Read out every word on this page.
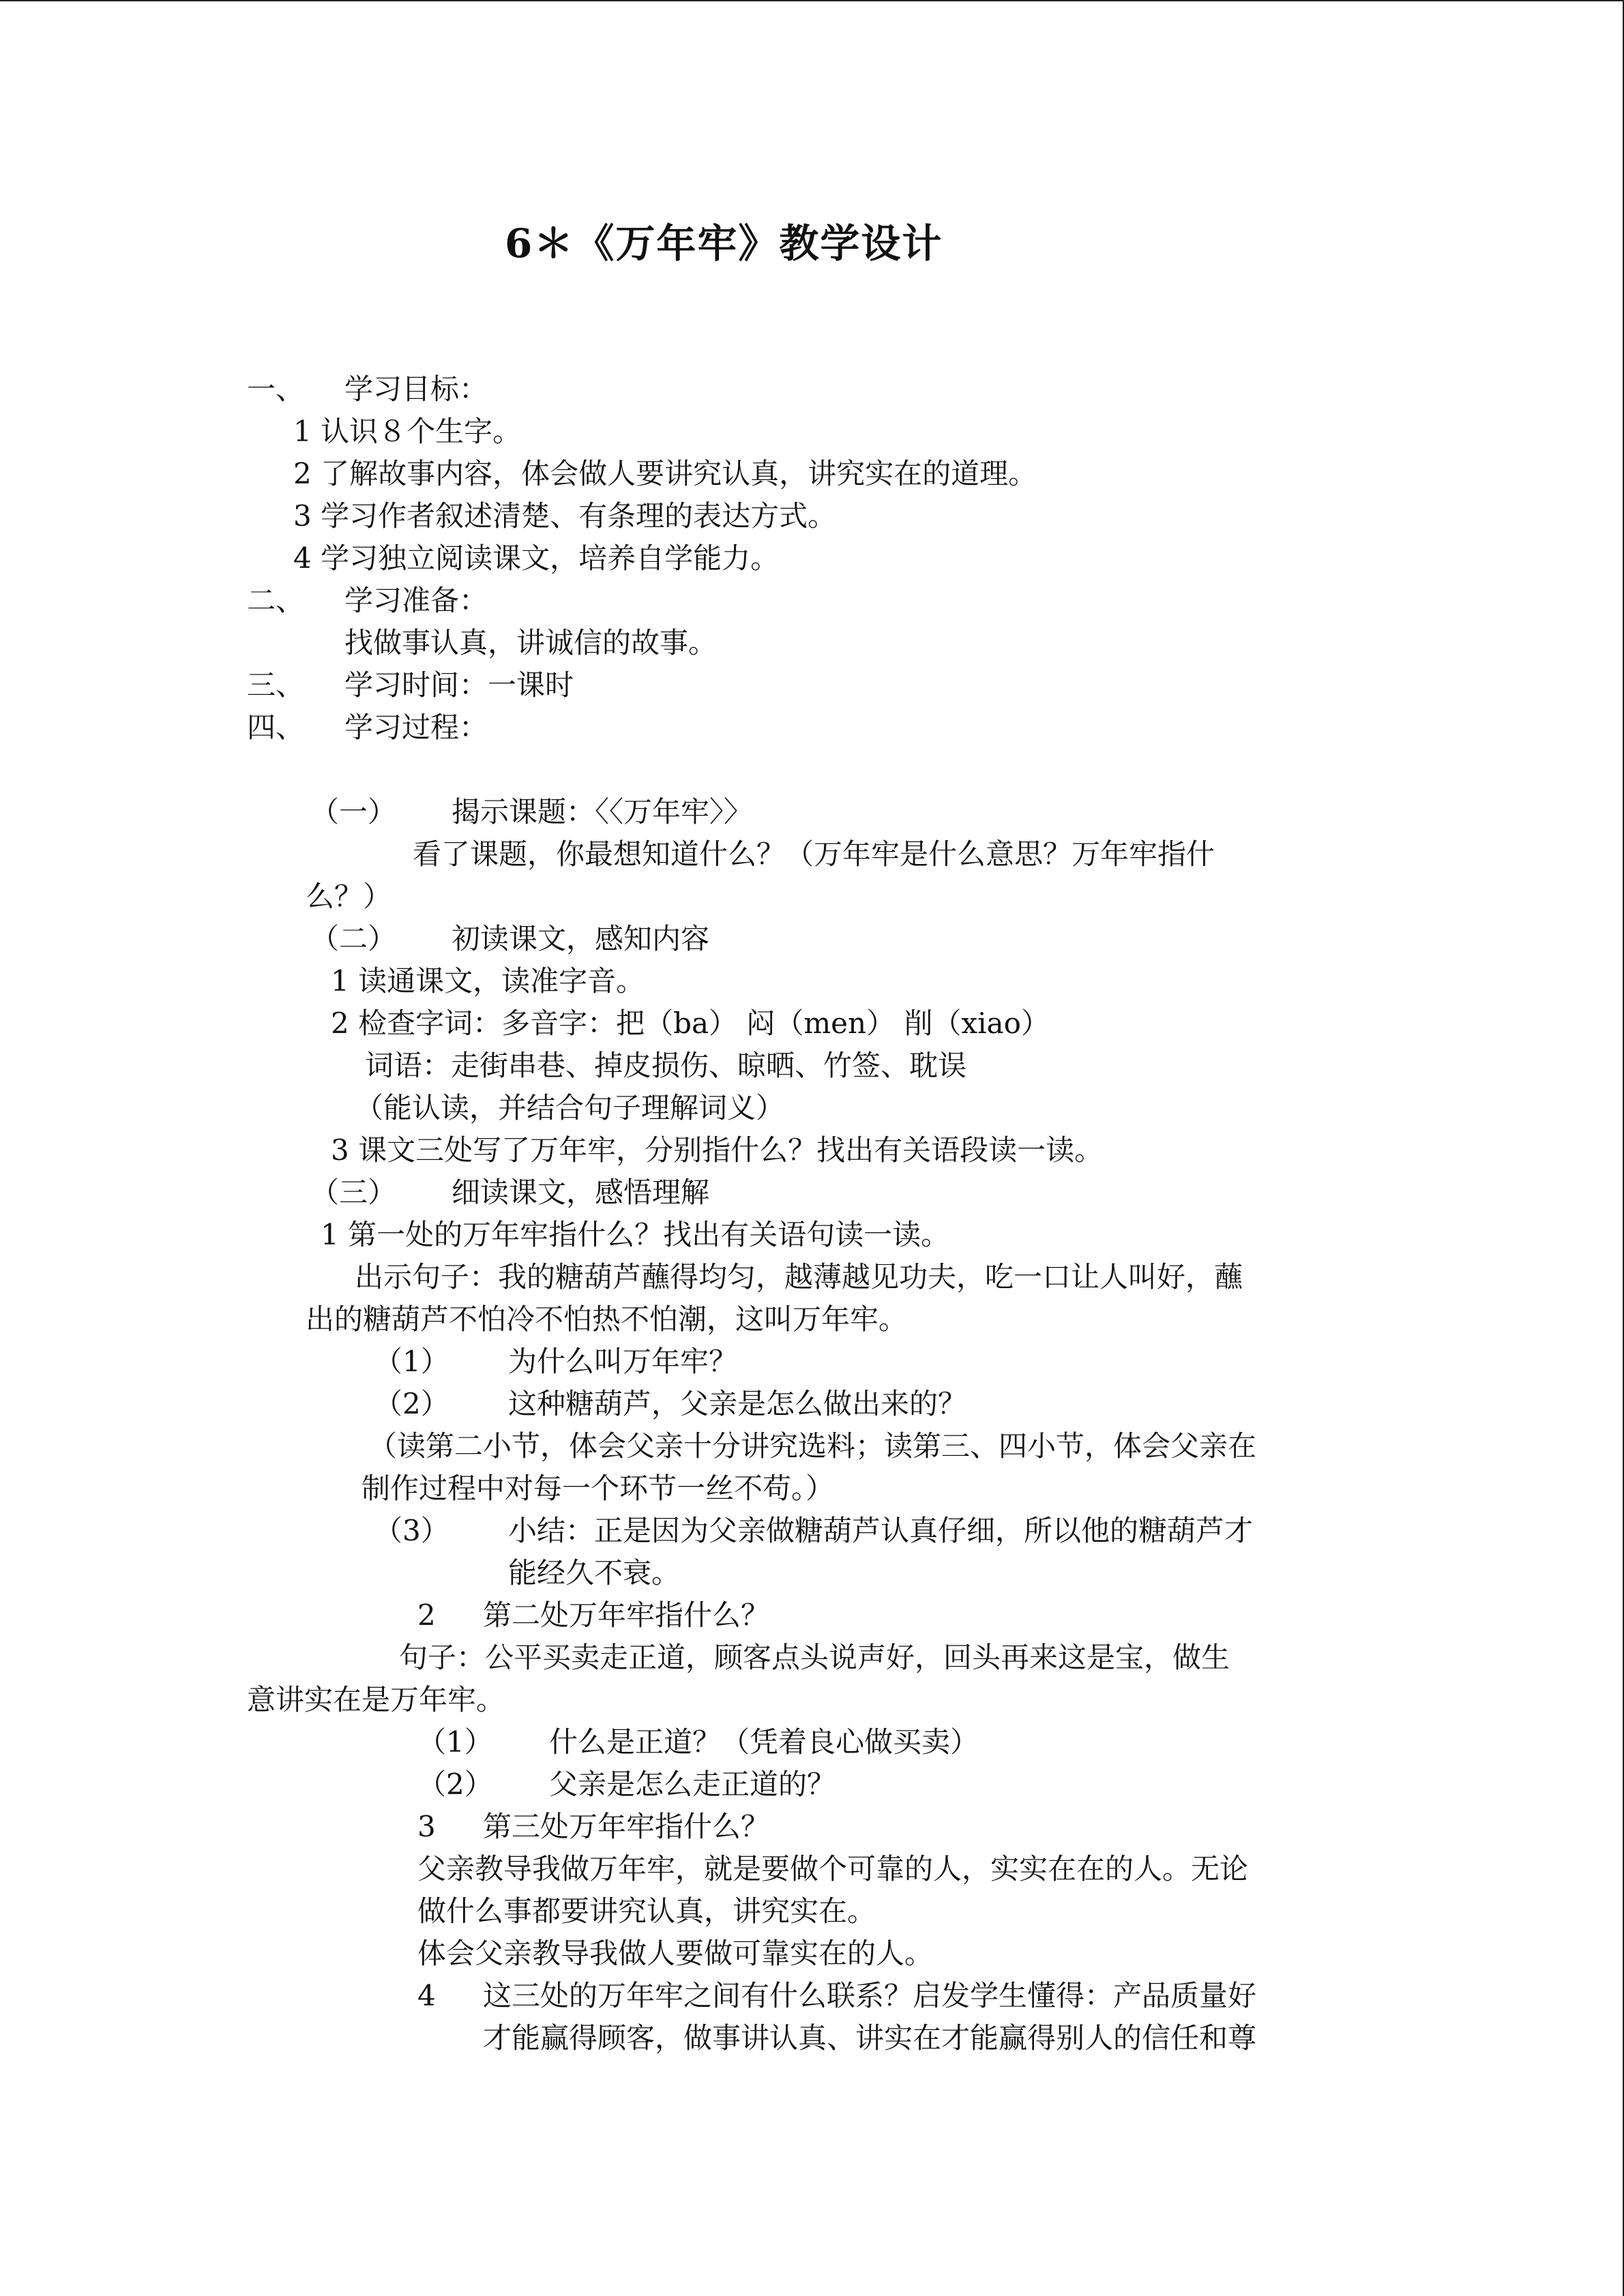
6＊《万年牢》教学设计
一、 学习目标：
1 认识８个生字。
2 了解故事内容，体会做人要讲究认真，讲究实在的道理。
3 学习作者叙述清楚、有条理的表达方式。
4 学习独立阅读课文，培养自学能力。
二、 学习准备：
找做事认真，讲诚信的故事。
三、 学习时间：一课时
四、 学习过程：
（一） 揭示课题：〈〈万年牢〉〉
看了课题，你最想知道什么？（万年牢是什么意思？万年牢指什
么？）
（二） 初读课文，感知内容
1 读通课文，读准字音。
2 检查字词：多音字：把（ba） 闷（men） 削（xiao）
词语：走街串巷、掉皮损伤、晾晒、竹签、耽误
（能认读，并结合句子理解词义）
3 课文三处写了万年牢，分别指什么？找出有关语段读一读。
（三） 细读课文，感悟理解
1 第一处的万年牢指什么？找出有关语句读一读。
出示句子：我的糖葫芦蘸得均匀，越薄越见功夫，吃一口让人叫好，蘸
出的糖葫芦不怕冷不怕热不怕潮，这叫万年牢。
（1） 为什么叫万年牢？
（2） 这种糖葫芦，父亲是怎么做出来的？
（读第二小节，体会父亲十分讲究选料；读第三、四小节，体会父亲在
制作过程中对每一个环节一丝不苟。）
（3） 小结：正是因为父亲做糖葫芦认真仔细，所以他的糖葫芦才
能经久不衰。
2 第二处万年牢指什么？
句子：公平买卖走正道，顾客点头说声好，回头再来这是宝，做生
意讲实在是万年牢。
（1） 什么是正道？（凭着良心做买卖）
（2） 父亲是怎么走正道的？
3 第三处万年牢指什么？
父亲教导我做万年牢，就是要做个可靠的人，实实在在的人。无论
做什么事都要讲究认真，讲究实在。
体会父亲教导我做人要做可靠实在的人。
4 这三处的万年牢之间有什么联系？启发学生懂得：产品质量好
才能赢得顾客，做事讲认真、讲实在才能赢得别人的信任和尊
